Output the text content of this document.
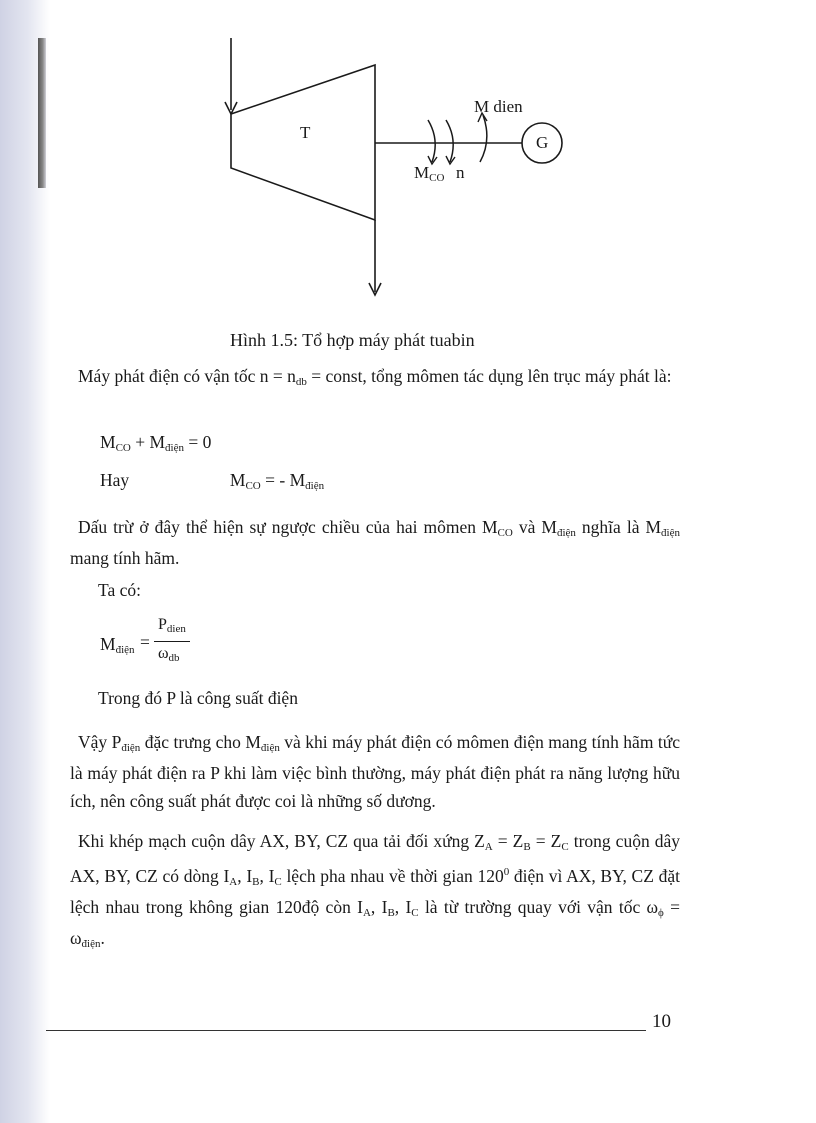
T
G
M dien
MCO n
Hình 1.5: Tổ hợp máy phát tuabin
Máy phát điện có vận tốc n = ndb = const, tổng mômen tác dụng lên trục máy phát là:
MCO + Mđiện = 0
Hay	MCO = - Mđiện
Dấu trừ ở đây thể hiện sự ngược chiều của hai mômen MCO và Mđiện nghĩa là Mđiện mang tính hãm.
Ta có:
Mđiện =
Pdien
ωdb
Trong đó P là công suất điện
Vậy Pđiện đặc trưng cho Mđiện và khi máy phát điện có mômen điện mang tính hãm tức là máy phát điện ra P khi làm việc bình thường, máy phát điện phát ra năng lượng hữu ích, nên công suất phát được coi là những số dương.
Khi khép mạch cuộn dây AX, BY, CZ qua tải đối xứng ZA = ZB = ZC trong cuộn dây AX, BY, CZ có dòng IA, IB, IC lệch pha nhau về thời gian $120^0$ điện vì AX, BY, CZ đặt lệch nhau trong không gian 120độ còn IA, IB, IC là từ trường quay với vận tốc ωϕ = ωđiện.
10
